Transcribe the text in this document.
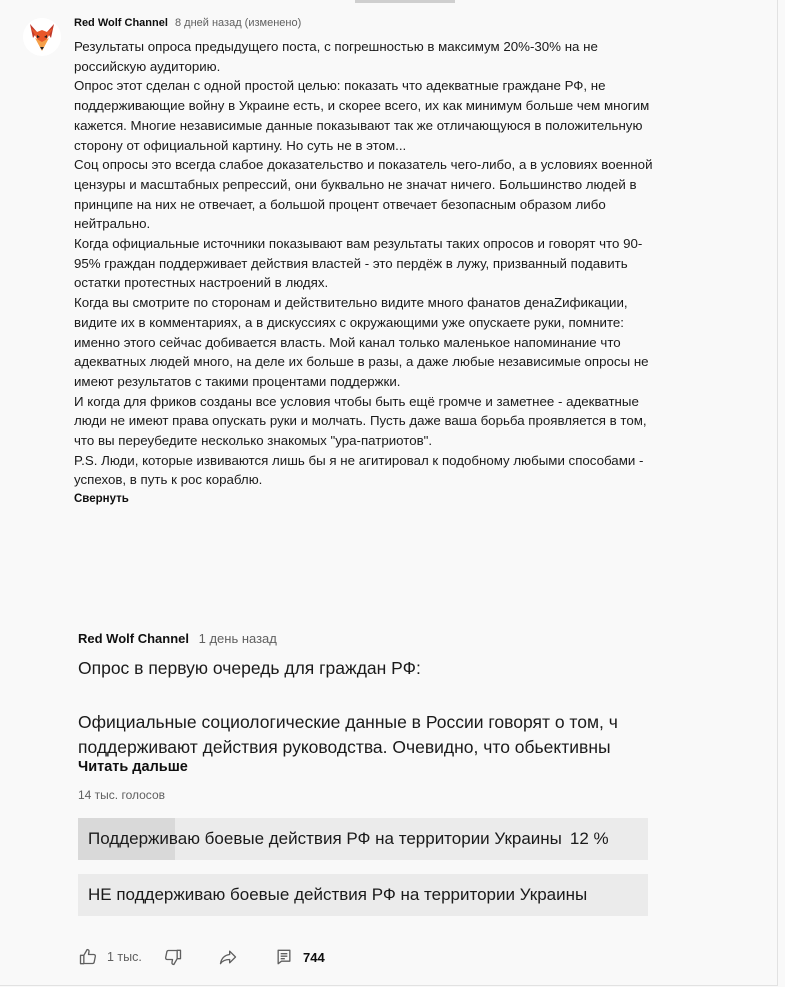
Red Wolf Channel 8 дней назад (изменено)

Результаты опроса предыдущего поста, с погрешностью в максимум 20%-30% на не

российскую аудиторию.

Опрос этот сделан с одной простой целью: показать что адекватные граждане РФ, не

поддерживающие войну в Украине есть, и скорее всего, их как минимум больше чем многим

кажется. Многие независимые данные показывают так же отличающуюся в положительную

сторону от официальной картину. Но суть не в этом...

Соц опросы это всегда слабое доказательство и показатель чего-либо, а в условиях военной

цензуры и масштабных репрессий, они буквально не значат ничего. Большинство людей в

принципе на них не отвечает, а большой процент отвечает безопасным образом либо

нейтрально.

Когда официальные источники показывают вам результаты таких опросов и говорят что 90-

95% граждан поддерживает действия властей - это пердёж в лужу, призванный подавить

остатки протестных настроений в людях.

Когда вы смотрите по сторонам и действительно видите много фанатов денаZификации,

видите их в комментариях, а в дискуссиях с окружающими уже опускаете руки, помните:

именно этого сейчас добивается власть. Мой канал только маленькое напоминание что

адекватных людей много, на деле их больше в разы, а даже любые независимые опросы не

имеют результатов с такими процентами поддержки.

И когда для фриков созданы все условия чтобы быть ещё громче и заметнее - адекватные

люди не имеют права опускать руки и молчать. Пусть даже ваша борьба проявляется в том,

что вы переубедите несколько знакомых "ура-патриотов".

P.S. Люди, которые извиваются лишь бы я не агитировал к подобному любыми способами -

успехов, в путь к рос кораблю.

Свернуть
Red Wolf Channel 1 день назад
Опрос в первую очередь для граждан РФ:
Официальные социологические данные в России говорят о том, ч
поддерживают действия руководства. Очевидно, что обьективны
Читать дальше
14 тыс. голосов
Поддерживаю боевые действия РФ на территории Украины 12 %
НЕ поддерживаю боевые действия РФ на территории Украины
1 тыс.	744
